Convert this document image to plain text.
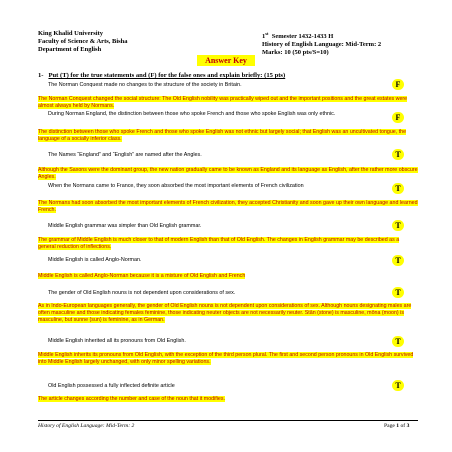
King Khalid University
Faculty of Science & Arts, Bisha
Department of English
1st Semester 1432-1433 H
History of English Language: Mid-Term: 2
Marks: 10 (50 pts/S=10)
Answer Key
1- Put (T) for the true statements and (F) for the false ones and explain briefly: (15 pts)
The Norman Conquest made no changes to the structure of the society in Britain.	F
The Norman Conquest changed the social structure: The Old English nobility was practically wiped out and the important positions and the great estates were almost always held by Normans.
During Norman England, the distinction between those who spoke French and those who spoke English was only ethnic.	F
The distinction between those who spoke French and those who spoke English was not ethnic but largely social; that English was an uncultivated tongue, the language of a socially inferior class.
The Names “England” and “English” are named after the Angles.	T
Although the Saxons were the dominant group, the new nation gradually came to be known as England and its language as English, after the rather more obscure Angles.
When the Normans came to France, they soon absorbed the most important elements of French civilization	T
The Normans had soon absorbed the most important elements of French civilization, they accepted Christianity and soon gave up their own language and learned French.
Middle English grammar was simpler than Old English grammar.	T
The grammar of Middle English is much closer to that of modern English than that of Old English. The changes in English grammar may be described as a general reduction of inflections.
Middle English is called Anglo-Norman.	T
Middle English is called Anglo-Norman because it is a mixture of Old English and French
The gender of Old English nouns is not dependent upon considerations of sex.	T
As in Indo-European languages generally, the gender of Old English nouns is not dependent upon considerations of sex. Although nouns designating males are often masculine and those indicating females feminine, those indicating neuter objects are not necessarily neuter. Stân (stone) is masculine, môna (moon) is masculine, but sunne (sun) is feminine, as in German.
Middle English inherited all its pronouns from Old English.	T
Middle English inherits its pronouns from Old English, with the exception of the third person plural. The first and second person pronouns in Old English survived into Middle English largely unchanged, with only minor spelling variations.
Old English possessed a fully inflected definite article	T
The article changes according the number and case of the noun that it modifies.
History of English Language: Mid-Term: 2	Page 1 of 3
